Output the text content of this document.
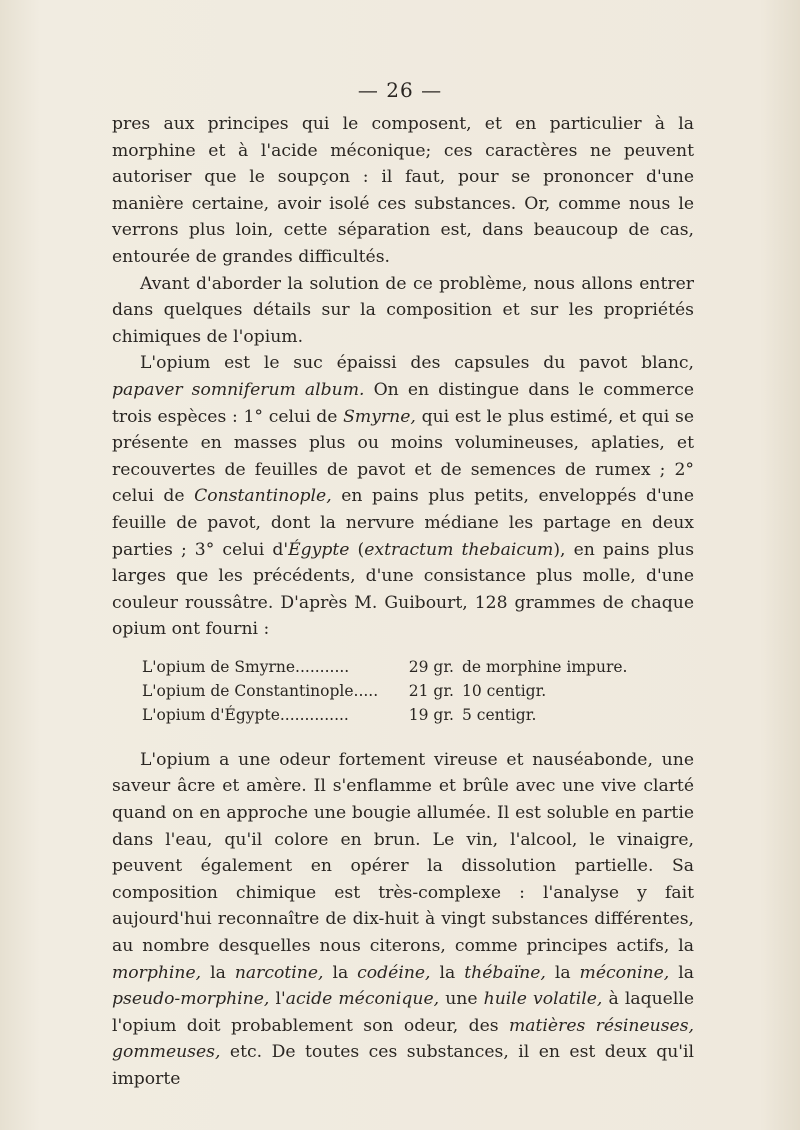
— 26 —

pres aux principes qui le composent, et en particulier à la morphine et à l'acide méconique; ces caractères ne peuvent autoriser que le soupçon : il faut, pour se prononcer d'une manière certaine, avoir isolé ces substances. Or, comme nous le verrons plus loin, cette séparation est, dans beaucoup de cas, entourée de grandes difficultés.

Avant d'aborder la solution de ce problème, nous allons entrer dans quelques détails sur la composition et sur les propriétés chimiques de l'opium.

L'opium est le suc épaissi des capsules du pavot blanc, papaver somniferum album. On en distingue dans le commerce trois espèces : 1° celui de Smyrne, qui est le plus estimé, et qui se présente en masses plus ou moins volumineuses, aplaties, et recouvertes de feuilles de pavot et de semences de rumex ; 2° celui de Constantinople, en pains plus petits, enveloppés d'une feuille de pavot, dont la nervure médiane les partage en deux parties ; 3° celui d'Égypte (extractum thebaicum), en pains plus larges que les précédents, d'une consistance plus molle, d'une couleur roussâtre. D'après M. Guibourt, 128 grammes de chaque opium ont fourni :

L'opium de Smyrne...........	29 gr. de morphine impure.
L'opium de Constantinople.....	21 gr. 10 centigr.
L'opium d'Égypte..............	19 gr. 5 centigr.

L'opium a une odeur fortement vireuse et nauséabonde, une saveur âcre et amère. Il s'enflamme et brûle avec une vive clarté quand on en approche une bougie allumée. Il est soluble en partie dans l'eau, qu'il colore en brun. Le vin, l'alcool, le vinaigre, peuvent également en opérer la dissolution partielle. Sa composition chimique est très-complexe : l'analyse y fait aujourd'hui reconnaître de dix-huit à vingt substances différentes, au nombre desquelles nous citerons, comme principes actifs, la morphine, la narcotine, la codéine, la thébaïne, la méconine, la pseudo-morphine, l'acide méconique, une huile volatile, à laquelle l'opium doit probablement son odeur, des matières résineuses, gommeuses, etc. De toutes ces substances, il en est deux qu'il importe
